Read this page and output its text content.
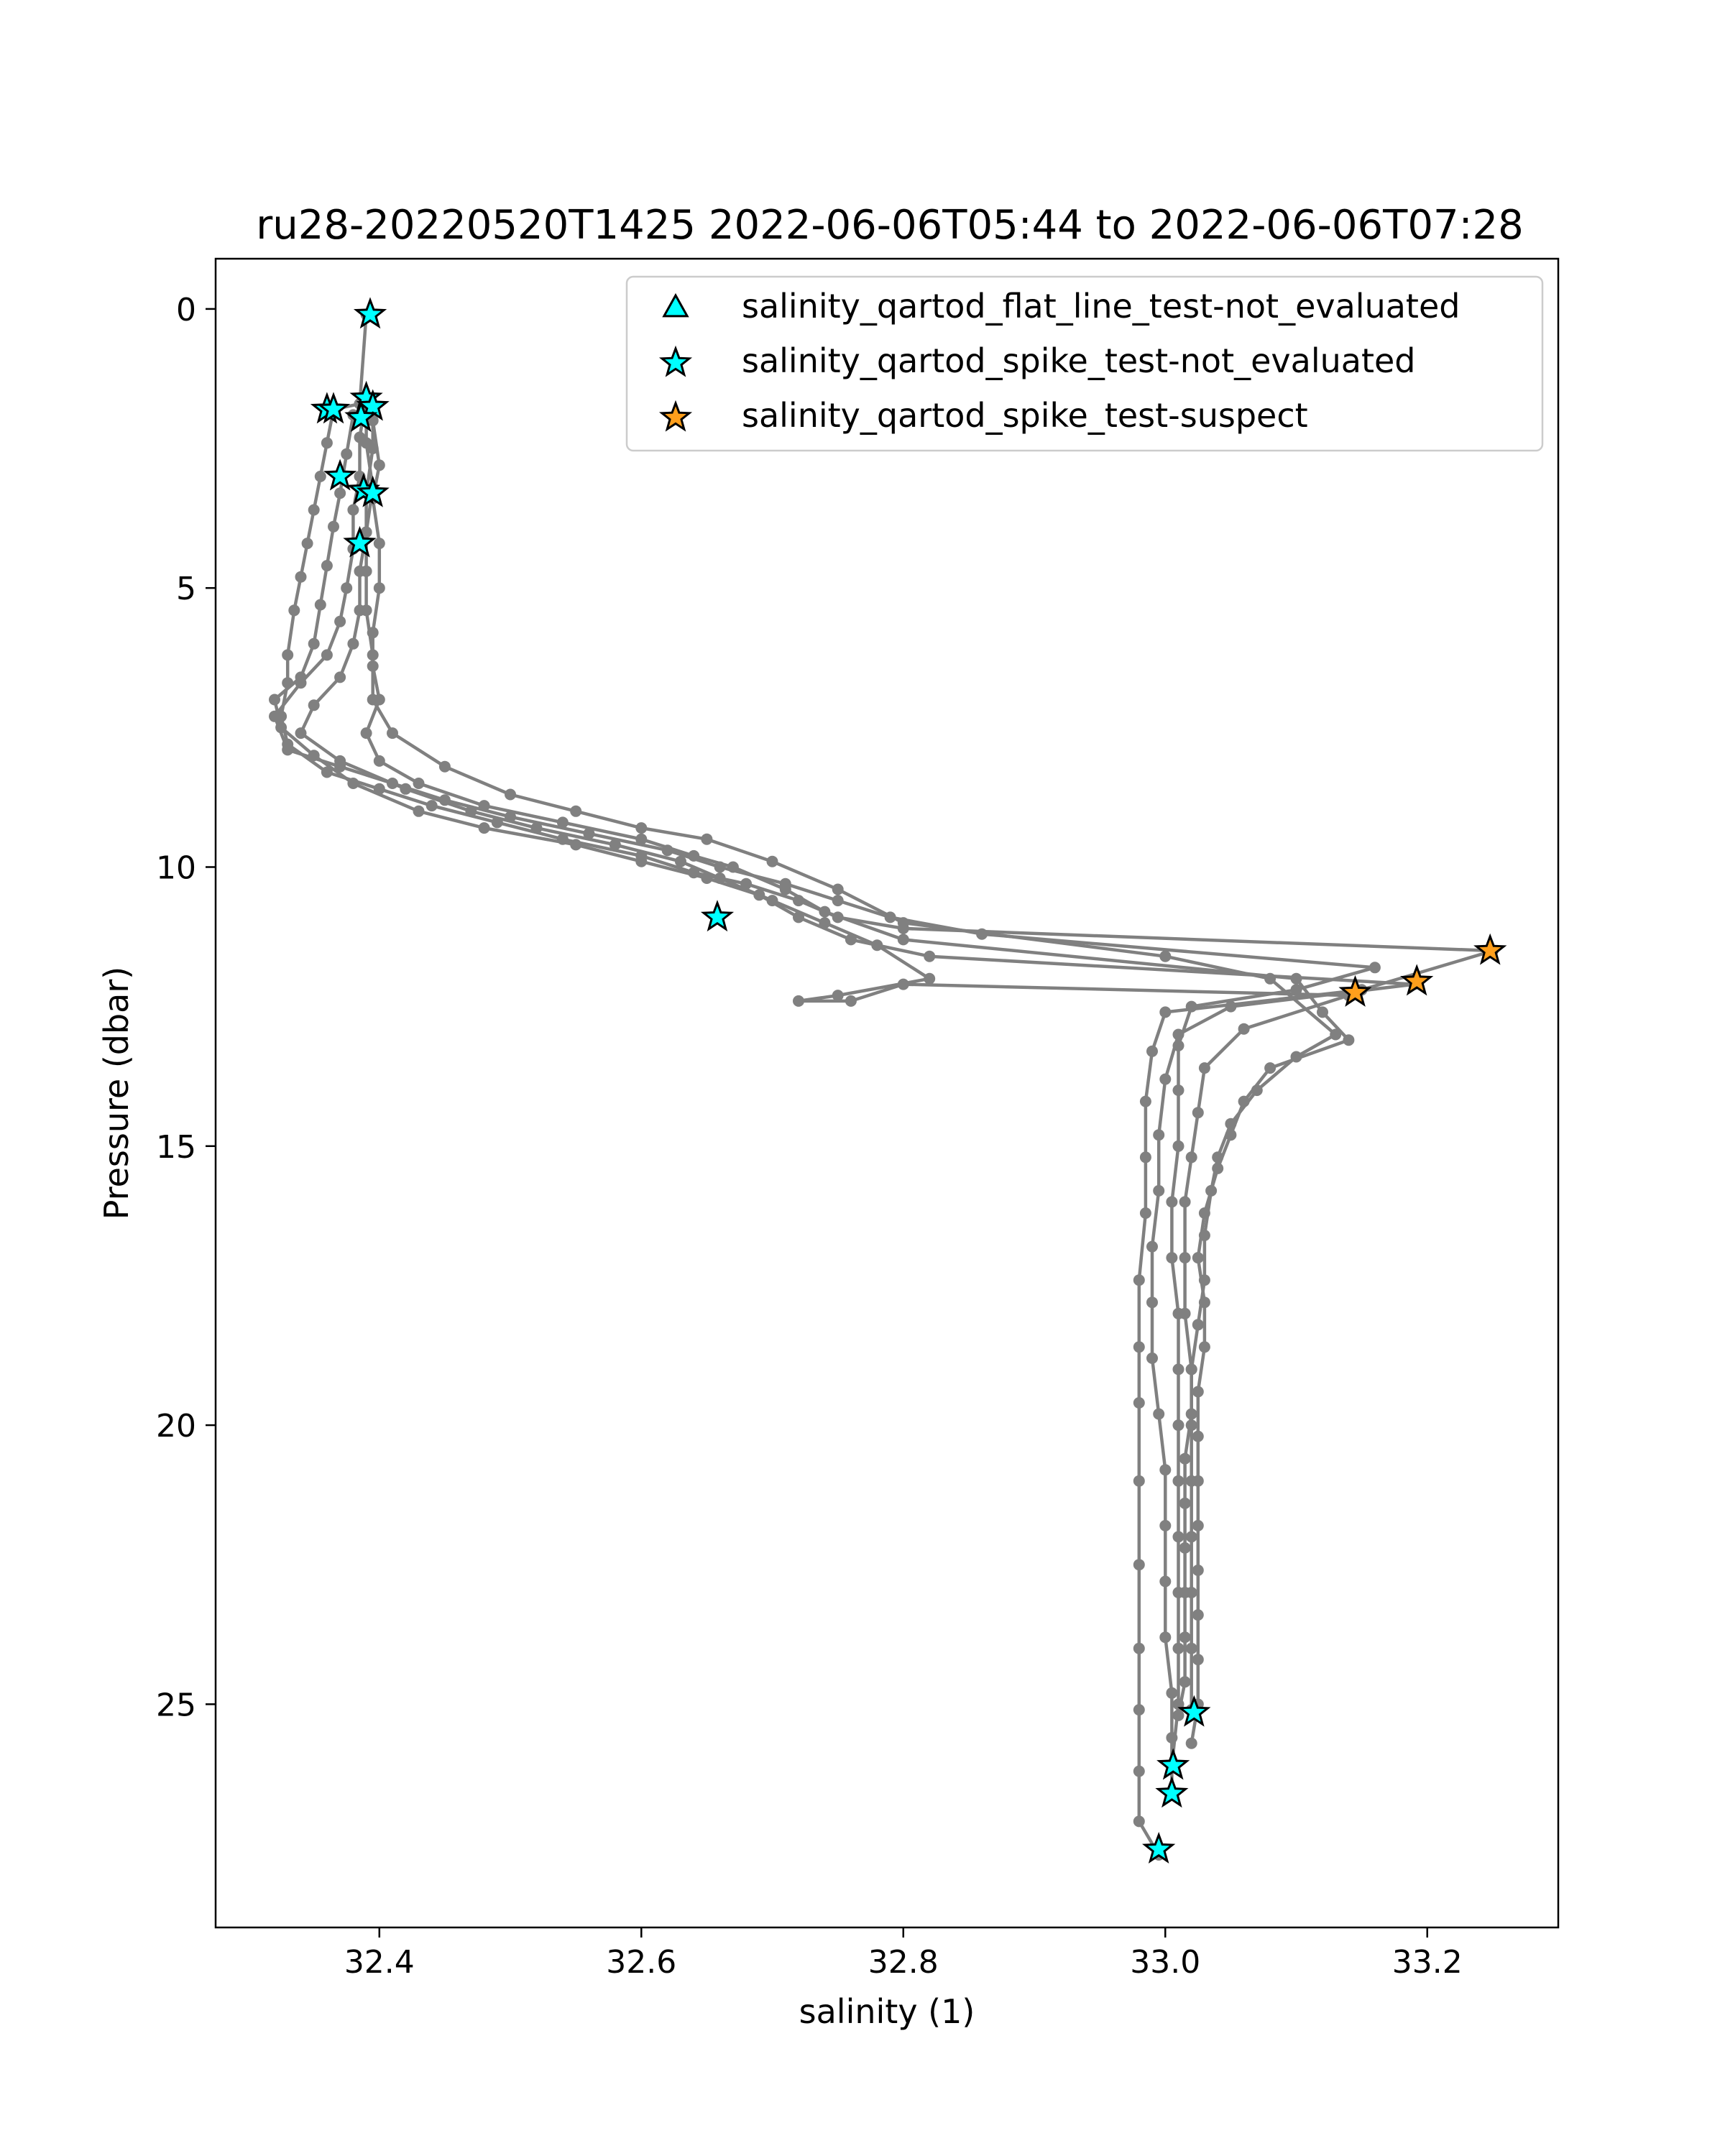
ru28-20220520T1425 2022-06-06T05:44 to 2022-06-06T07:28
32.4	32.6	32.8	33.0	33.2
0
5
10
15
20
25
salinity (1)
Pressure (dbar)
salinity_qartod_flat_line_test-not_evaluated
salinity_qartod_spike_test-not_evaluated
salinity_qartod_spike_test-suspect
